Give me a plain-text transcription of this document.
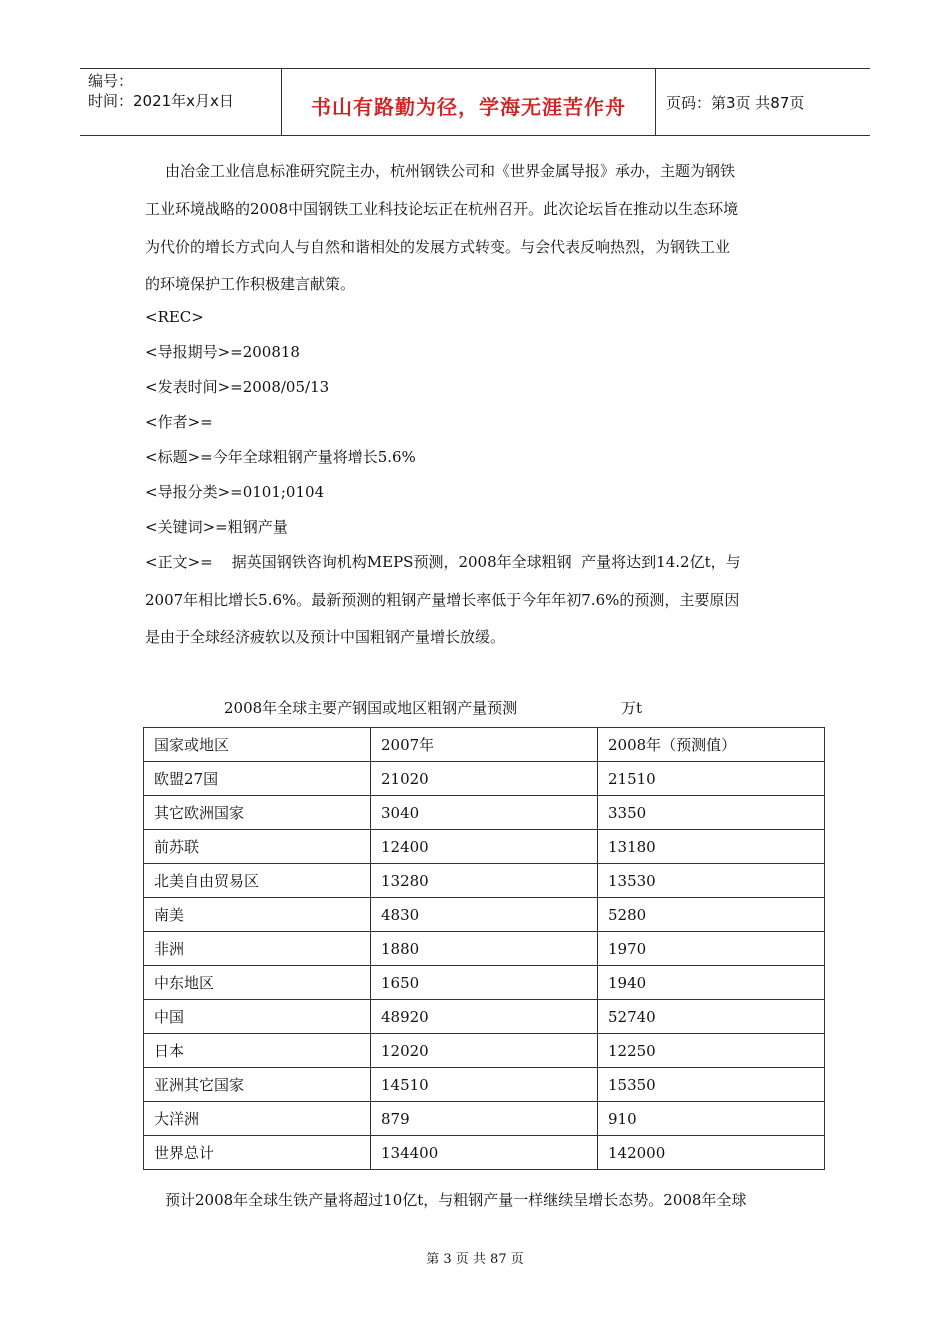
编号：
时间：2021年x月x日	书山有路勤为径，学海无涯苦作舟	页码：第3页 共87页
由冶金工业信息标准研究院主办，杭州钢铁公司和《世界金属导报》承办，主题为钢铁
工业环境战略的2008中国钢铁工业科技论坛正在杭州召开。此次论坛旨在推动以生态环境
为代价的增长方式向人与自然和谐相处的发展方式转变。与会代表反响热烈，为钢铁工业
的环境保护工作积极建言献策。
<REC>
<导报期号>=200818
<发表时间>=2008/05/13
<作者>=
<标题>=今年全球粗钢产量将增长5.6%
<导报分类>=0101;0104
<关键词>=粗钢产量
<正文>=    据英国钢铁咨询机构MEPS预测，2008年全球粗钢  产量将达到14.2亿t，与
2007年相比增长5.6%。最新预测的粗钢产量增长率低于今年年初7.6%的预测，主要原因
是由于全球经济疲软以及预计中国粗钢产量增长放缓。
2008年全球主要产钢国或地区粗钢产量预测	万t
国家或地区	2007年	2008年（预测值）
欧盟27国	21020	21510
其它欧洲国家	3040	3350
前苏联	12400	13180
北美自由贸易区	13280	13530
南美	4830	5280
非洲	1880	1970
中东地区	1650	1940
中国	48920	52740
日本	12020	12250
亚洲其它国家	14510	15350
大洋洲	879	910
世界总计	134400	142000
预计2008年全球生铁产量将超过10亿t，与粗钢产量一样继续呈增长态势。2008年全球
第 3 页 共 87 页
